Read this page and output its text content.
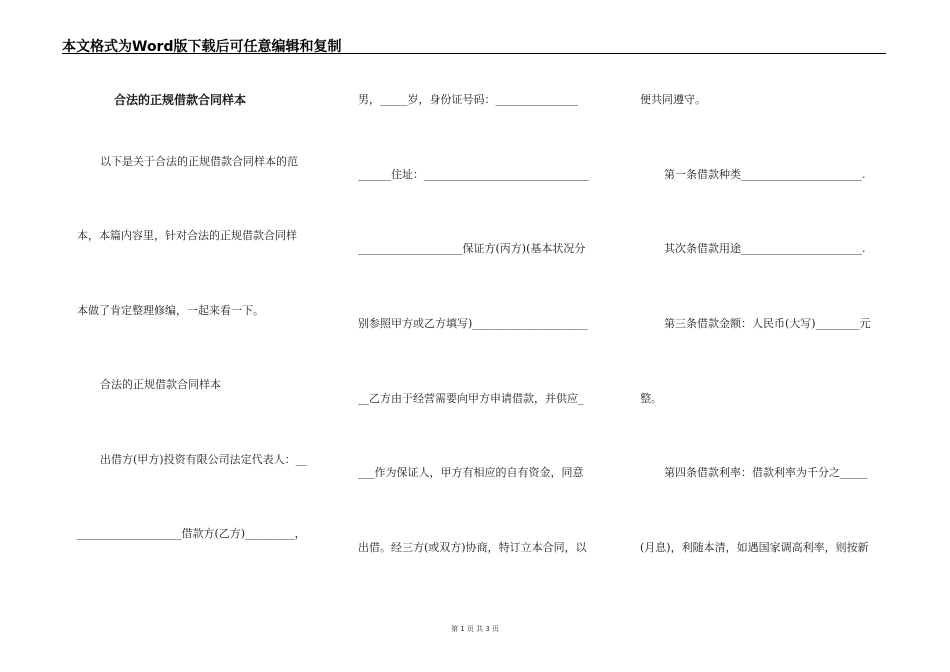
本文格式为Word版下载后可任意编辑和复制
合法的正规借款合同样本
以下是关于合法的正规借款合同样本的范
本，本篇内容里，针对合法的正规借款合同样
本做了肯定整理修编，一起来看一下。
合法的正规借款合同样本
出借方(甲方)投资有限公司法定代表人：__
___________________借款方(乙方)_________，
男，_____岁，身份证号码：_______________
______住址：______________________________
___________________保证方(丙方)(基本状况分
别参照甲方或乙方填写)_____________________
__乙方由于经营需要向甲方申请借款，并供应_
___作为保证人，甲方有相应的自有资金，同意
出借。经三方(或双方)协商，特订立本合同，以
便共同遵守。
第一条借款种类______________________.
其次条借款用途______________________.
第三条借款金额：人民币(大写)________元
整。
第四条借款利率：借款利率为千分之_____
(月息)，利随本清，如遇国家调高利率，则按新
第 1 页 共 3 页
